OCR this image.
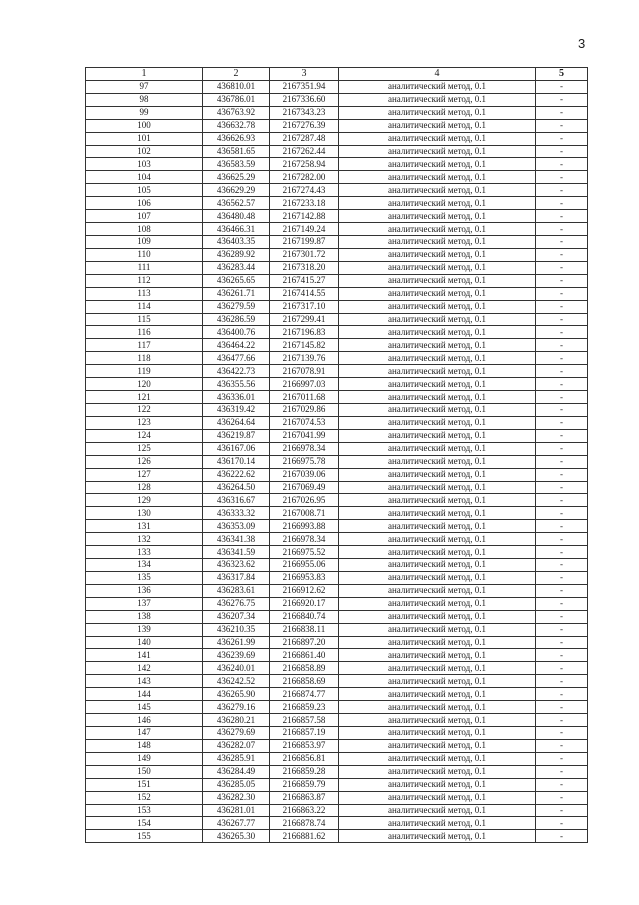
3
1	2	3	4	5
97	436810.01	2167351.94	аналитический метод, 0.1	-
98	436786.01	2167336.60	аналитический метод, 0.1	-
99	436763.92	2167343.23	аналитический метод, 0.1	-
100	436632.78	2167276.39	аналитический метод, 0.1	-
101	436626.93	2167287.48	аналитический метод, 0.1	-
102	436581.65	2167262.44	аналитический метод, 0.1	-
103	436583.59	2167258.94	аналитический метод, 0.1	-
104	436625.29	2167282.00	аналитический метод, 0.1	-
105	436629.29	2167274.43	аналитический метод, 0.1	-
106	436562.57	2167233.18	аналитический метод, 0.1	-
107	436480.48	2167142.88	аналитический метод, 0.1	-
108	436466.31	2167149.24	аналитический метод, 0.1	-
109	436403.35	2167199.87	аналитический метод, 0.1	-
110	436289.92	2167301.72	аналитический метод, 0.1	-
111	436283.44	2167318.20	аналитический метод, 0.1	-
112	436265.65	2167415.27	аналитический метод, 0.1	-
113	436261.71	2167414.55	аналитический метод, 0.1	-
114	436279.59	2167317.10	аналитический метод, 0.1	-
115	436286.59	2167299.41	аналитический метод, 0.1	-
116	436400.76	2167196.83	аналитический метод, 0.1	-
117	436464.22	2167145.82	аналитический метод, 0.1	-
118	436477.66	2167139.76	аналитический метод, 0.1	-
119	436422.73	2167078.91	аналитический метод, 0.1	-
120	436355.56	2166997.03	аналитический метод, 0.1	-
121	436336.01	2167011.68	аналитический метод, 0.1	-
122	436319.42	2167029.86	аналитический метод, 0.1	-
123	436264.64	2167074.53	аналитический метод, 0.1	-
124	436219.87	2167041.99	аналитический метод, 0.1	-
125	436167.06	2166978.34	аналитический метод, 0.1	-
126	436170.14	2166975.78	аналитический метод, 0.1	-
127	436222.62	2167039.06	аналитический метод, 0.1	-
128	436264.50	2167069.49	аналитический метод, 0.1	-
129	436316.67	2167026.95	аналитический метод, 0.1	-
130	436333.32	2167008.71	аналитический метод, 0.1	-
131	436353.09	2166993.88	аналитический метод, 0.1	-
132	436341.38	2166978.34	аналитический метод, 0.1	-
133	436341.59	2166975.52	аналитический метод, 0.1	-
134	436323.62	2166955.06	аналитический метод, 0.1	-
135	436317.84	2166953.83	аналитический метод, 0.1	-
136	436283.61	2166912.62	аналитический метод, 0.1	-
137	436276.75	2166920.17	аналитический метод, 0.1	-
138	436207.34	2166840.74	аналитический метод, 0.1	-
139	436210.35	2166838.11	аналитический метод, 0.1	-
140	436261.99	2166897.20	аналитический метод, 0.1	-
141	436239.69	2166861.40	аналитический метод, 0.1	-
142	436240.01	2166858.89	аналитический метод, 0.1	-
143	436242.52	2166858.69	аналитический метод, 0.1	-
144	436265.90	2166874.77	аналитический метод, 0.1	-
145	436279.16	2166859.23	аналитический метод, 0.1	-
146	436280.21	2166857.58	аналитический метод, 0.1	-
147	436279.69	2166857.19	аналитический метод, 0.1	-
148	436282.07	2166853.97	аналитический метод, 0.1	-
149	436285.91	2166856.81	аналитический метод, 0.1	-
150	436284.49	2166859.28	аналитический метод, 0.1	-
151	436285.05	2166859.79	аналитический метод, 0.1	-
152	436282.30	2166863.87	аналитический метод, 0.1	-
153	436281.01	2166863.22	аналитический метод, 0.1	-
154	436267.77	2166878.74	аналитический метод, 0.1	-
155	436265.30	2166881.62	аналитический метод, 0.1	-
